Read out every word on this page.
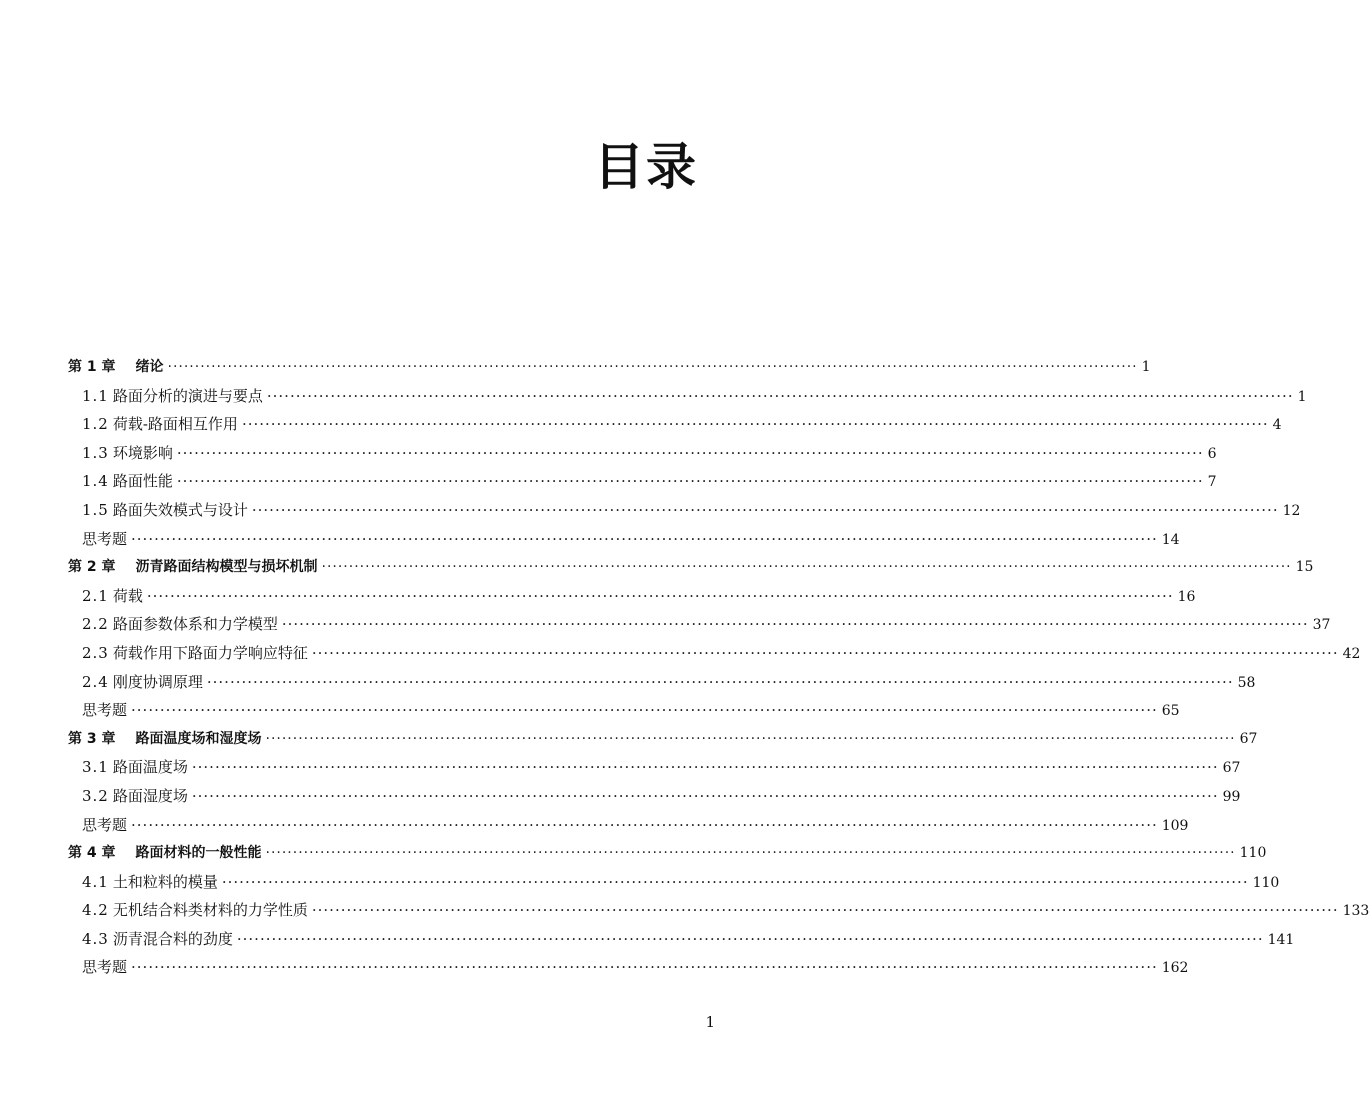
目录
第 1 章 绪论 ·····	1
1.1 路面分析的演进与要点 ·····	1
1.2 荷载-路面相互作用 ·····	4
1.3 环境影响 ·····	6
1.4 路面性能 ·····	7
1.5 路面失效模式与设计 ·····	12
思考题 ·····	14
第 2 章 沥青路面结构模型与损坏机制 ·····	15
2.1 荷载 ·····	16
2.2 路面参数体系和力学模型 ·····	37
2.3 荷载作用下路面力学响应特征 ·····	42
2.4 刚度协调原理 ·····	58
思考题 ·····	65
第 3 章 路面温度场和湿度场 ·····	67
3.1 路面温度场 ·····	67
3.2 路面湿度场 ·····	99
思考题 ·····	109
第 4 章 路面材料的一般性能 ·····	110
4.1 土和粒料的模量 ·····	110
4.2 无机结合料类材料的力学性质 ·····	133
4.3 沥青混合料的劲度 ·····	141
思考题 ·····	162
1
